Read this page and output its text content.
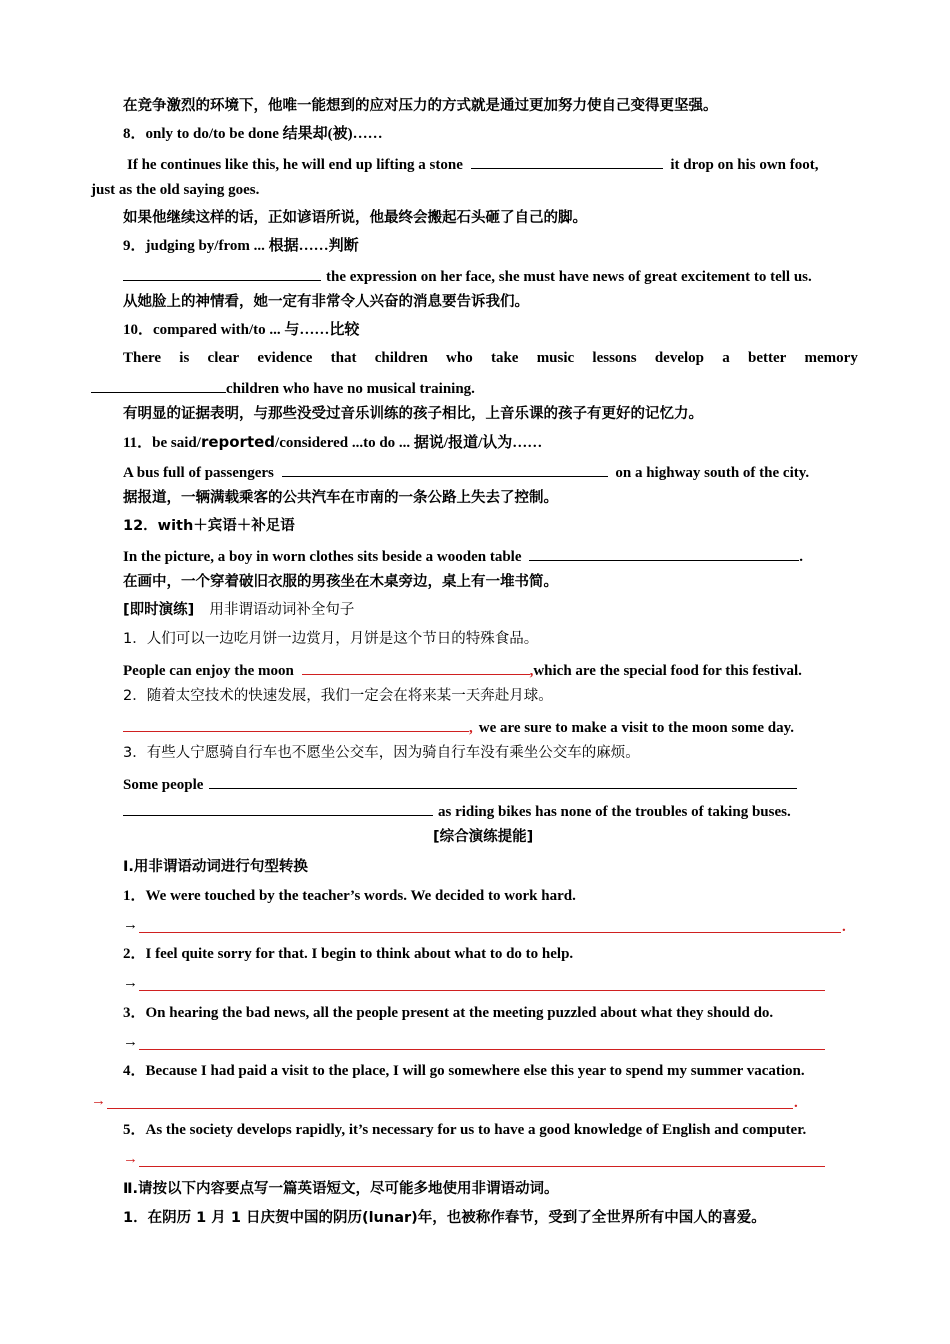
在竞争激烈的环境下，他唯一能想到的应对压力的方式就是通过更加努力使自己变得更坚强。
8．only to do/to be done 结果却(被)……
If he continues like this, he will end up lifting a stone	it drop on his own foot,
just as the old saying goes.
如果他继续这样的话，正如谚语所说，他最终会搬起石头砸了自己的脚。
9．judging by/from ... 根据……判断
the expression on her face, she must have news of great excitement to tell us.
从她脸上的神情看，她一定有非常令人兴奋的消息要告诉我们。
10．compared with/to ... 与……比较
There is clear evidence that children who take music lessons develop a better memory
children who have no musical training.
有明显的证据表明，与那些没受过音乐训练的孩子相比，上音乐课的孩子有更好的记忆力。
11．be said/reported/considered ...to do ... 据说/报道/认为……
A bus full of passengers	on a highway south of the city.
据报道，一辆满载乘客的公共汽车在市南的一条公路上失去了控制。
12．with＋宾语＋补足语
In the picture, a boy in worn clothes sits beside a wooden table	.
在画中，一个穿着破旧衣服的男孩坐在木桌旁边，桌上有一堆书简。
[即时演练] 用非谓语动词补全句子
1．人们可以一边吃月饼一边赏月，月饼是这个节日的特殊食品。
People can enjoy the moon	,which are the special food for this festival.
2．随着太空技术的快速发展，我们一定会在将来某一天奔赴月球。
, we are sure to make a visit to the moon some day.
3．有些人宁愿骑自行车也不愿坐公交车，因为骑自行车没有乘坐公交车的麻烦。
Some people
as riding bikes has none of the troubles of taking buses.
[综合演练提能]
Ⅰ.用非谓语动词进行句型转换
1．We were touched by the teacher’s words. We decided to work hard.
→	.
2．I feel quite sorry for that. I begin to think about what to do to help.
→
3．On hearing the bad news, all the people present at the meeting puzzled about what they should do.
→
4．Because I had paid a visit to the place, I will go somewhere else this year to spend my summer vacation.
→	.
5．As the society develops rapidly, it’s necessary for us to have a good knowledge of English and computer.
→
Ⅱ.请按以下内容要点写一篇英语短文，尽可能多地使用非谓语动词。
1．在阴历 1 月 1 日庆贺中国的阴历(lunar)年，也被称作春节，受到了全世界所有中国人的喜爱。
